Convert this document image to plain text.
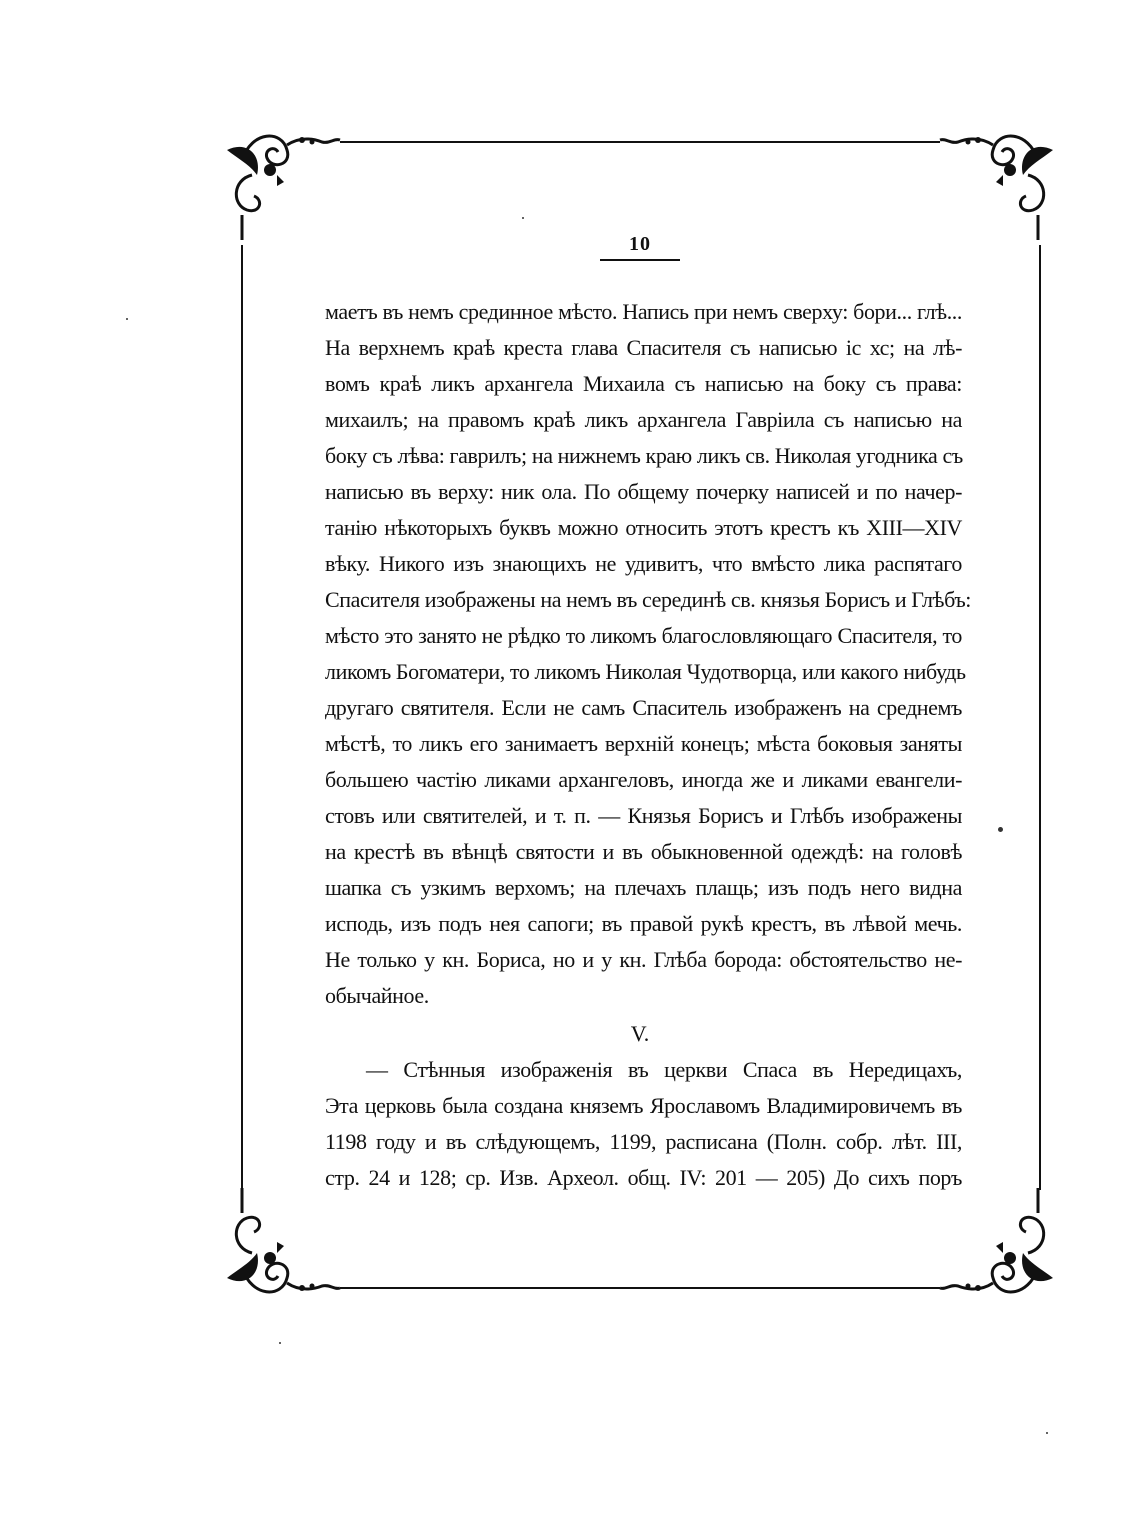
10
маетъ въ немъ срединное мѣсто. Напись при немъ сверху: бори... глѣ...
На верхнемъ краѣ креста глава Спасителя съ написью іс хс; на лѣ-
вомъ краѣ ликъ архангела Михаила съ написью на боку съ права:
михаилъ; на правомъ краѣ ликъ архангела Гавріила съ написью на
боку съ лѣва: гаврилъ; на нижнемъ краю ликъ св. Николая угодника съ
написью въ верху: ник ола. По общему почерку написей и по начер-
танію нѣкоторыхъ буквъ можно относить этотъ крестъ къ XIII—XIV
вѣку. Никого изъ знающихъ не удивитъ, что вмѣсто лика распятаго
Спасителя изображены на немъ въ серединѣ св. князья Борисъ и Глѣбъ:
мѣсто это занято не рѣдко то ликомъ благословляющаго Спасителя, то
ликомъ Богоматери, то ликомъ Николая Чудотворца, или какого нибудь
другаго святителя. Если не самъ Спаситель изображенъ на среднемъ
мѣстѣ, то ликъ его занимаетъ верхній конецъ; мѣста боковыя заняты
большею частію ликами архангеловъ, иногда же и ликами евангели-
стовъ или святителей, и т. п. — Князья Борисъ и Глѣбъ изображены
на крестѣ въ вѣнцѣ святости и въ обыкновенной одеждѣ: на головѣ
шапка съ узкимъ верхомъ; на плечахъ плащь; изъ подъ него видна
исподь, изъ подъ нея сапоги; въ правой рукѣ крестъ, въ лѣвой мечь.
Не только у кн. Бориса, но и у кн. Глѣба борода: обстоятельство не-
обычайное.
V.
— Стѣнныя изображенія въ церкви Спаса въ Нередицахъ,
Эта церковь была создана княземъ Ярославомъ Владимировичемъ въ
1198 году и въ слѣдующемъ, 1199, расписана (Полн. собр. лѣт. III,
стр. 24 и 128; ср. Изв. Археол. общ. IV: 201 — 205) До сихъ поръ
